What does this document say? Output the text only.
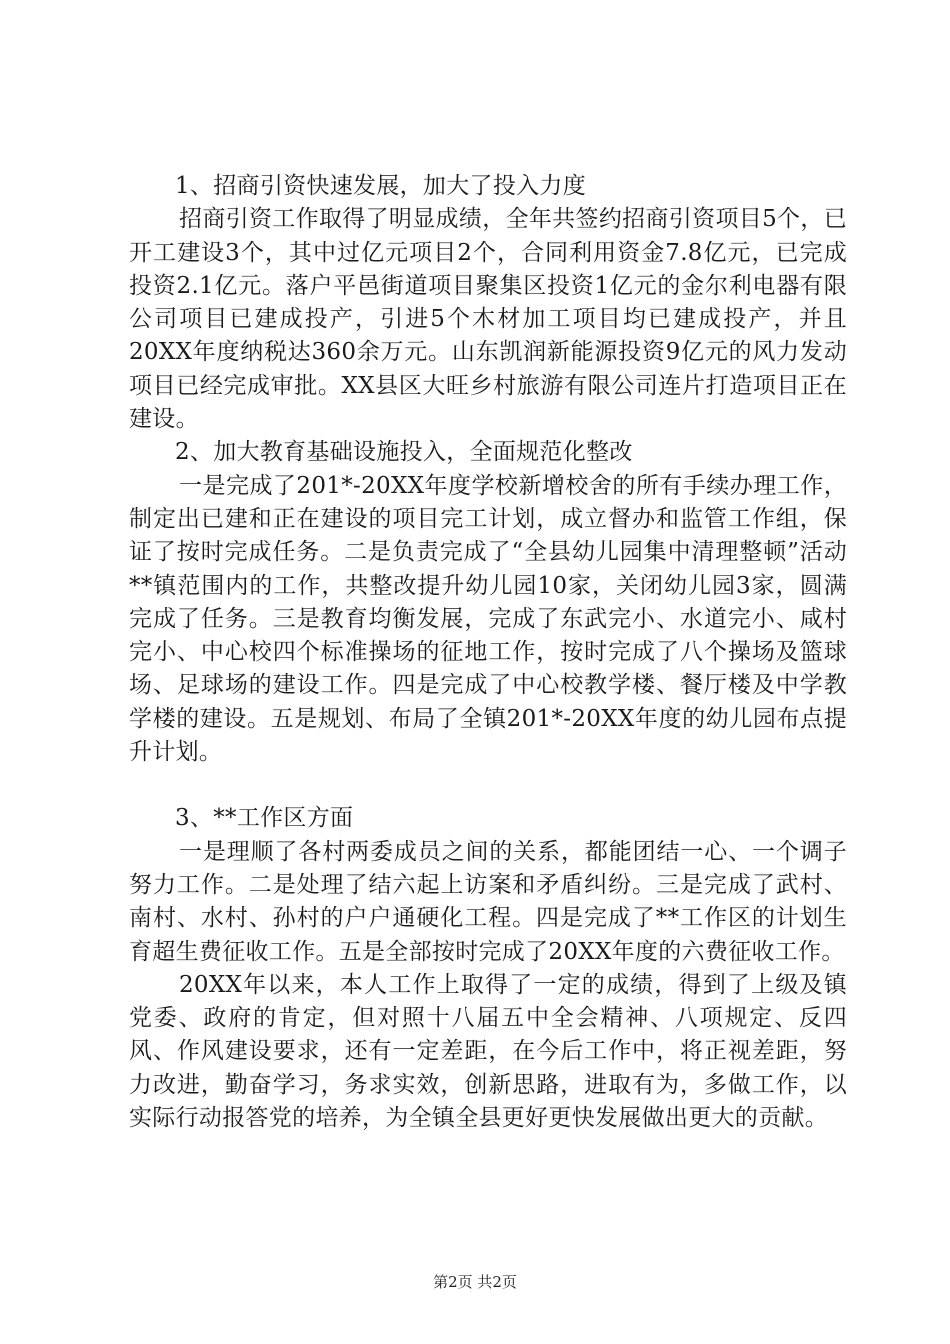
1、招商引资快速发展，加大了投入力度

招商引资工作取得了明显成绩，全年共签约招商引资项目5个，已开工建设3个，其中过亿元项目2个，合同利用资金7.8亿元，已完成投资2.1亿元。落户平邑街道项目聚集区投资1亿元的金尔利电器有限公司项目已建成投产，引进5个木材加工项目均已建成投产，并且20XX年度纳税达360余万元。山东凯润新能源投资9亿元的风力发动项目已经完成审批。XX县区大旺乡村旅游有限公司连片打造项目正在建设。

2、加大教育基础设施投入，全面规范化整改

一是完成了201*-20XX年度学校新增校舍的所有手续办理工作，制定出已建和正在建设的项目完工计划，成立督办和监管工作组，保证了按时完成任务。二是负责完成了“全县幼儿园集中清理整顿”活动**镇范围内的工作，共整改提升幼儿园10家，关闭幼儿园3家，圆满完成了任务。三是教育均衡发展，完成了东武完小、水道完小、咸村完小、中心校四个标准操场的征地工作，按时完成了八个操场及篮球场、足球场的建设工作。四是完成了中心校教学楼、餐厅楼及中学教学楼的建设。五是规划、布局了全镇201*-20XX年度的幼儿园布点提升计划。

3、**工作区方面

一是理顺了各村两委成员之间的关系，都能团结一心、一个调子努力工作。二是处理了结六起上访案和矛盾纠纷。三是完成了武村、南村、水村、孙村的户户通硬化工程。四是完成了**工作区的计划生育超生费征收工作。五是全部按时完成了20XX年度的六费征收工作。

20XX年以来，本人工作上取得了一定的成绩，得到了上级及镇党委、政府的肯定，但对照十八届五中全会精神、八项规定、反四风、作风建设要求，还有一定差距，在今后工作中，将正视差距，努力改进，勤奋学习，务求实效，创新思路，进取有为，多做工作，以实际行动报答党的培养，为全镇全县更好更快发展做出更大的贡献。

第2页 共2页
